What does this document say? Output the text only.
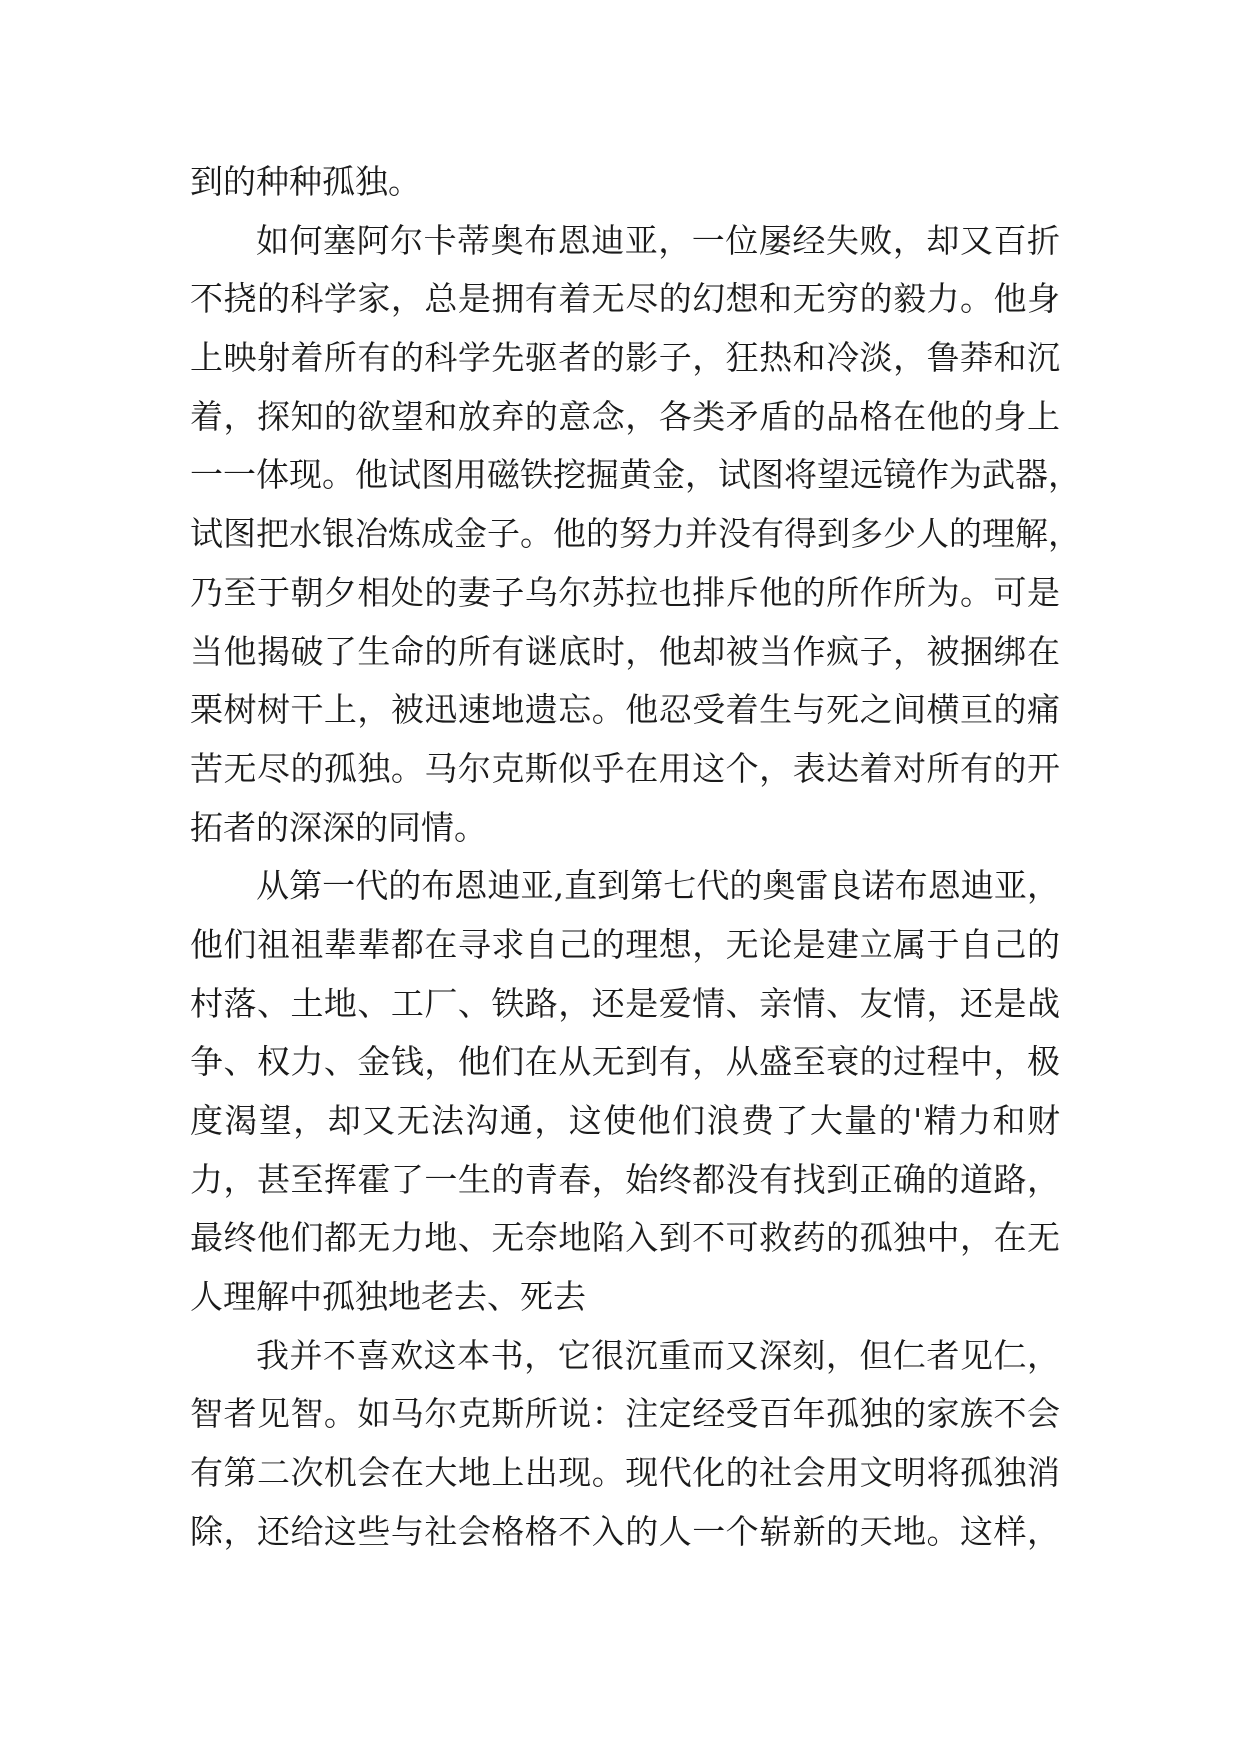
到的种种孤独。
如何塞阿尔卡蒂奥布恩迪亚，一位屡经失败，却又百折
不挠的科学家，总是拥有着无尽的幻想和无穷的毅力。他身
上映射着所有的科学先驱者的影子，狂热和冷淡，鲁莽和沉
着，探知的欲望和放弃的意念，各类矛盾的品格在他的身上
一一体现。他试图用磁铁挖掘黄金，试图将望远镜作为武器，
试图把水银冶炼成金子。他的努力并没有得到多少人的理解，
乃至于朝夕相处的妻子乌尔苏拉也排斥他的所作所为。可是
当他揭破了生命的所有谜底时，他却被当作疯子，被捆绑在
栗树树干上，被迅速地遗忘。他忍受着生与死之间横亘的痛
苦无尽的孤独。马尔克斯似乎在用这个，表达着对所有的开
拓者的深深的同情。
从第一代的布恩迪亚,直到第七代的奥雷良诺布恩迪亚，
他们祖祖辈辈都在寻求自己的理想，无论是建立属于自己的
村落、土地、工厂、铁路，还是爱情、亲情、友情，还是战
争、权力、金钱，他们在从无到有，从盛至衰的过程中，极
度渴望，却又无法沟通，这使他们浪费了大量的'精力和财
力，甚至挥霍了一生的青春，始终都没有找到正确的道路，
最终他们都无力地、无奈地陷入到不可救药的孤独中，在无
人理解中孤独地老去、死去
我并不喜欢这本书，它很沉重而又深刻，但仁者见仁，
智者见智。如马尔克斯所说：注定经受百年孤独的家族不会
有第二次机会在大地上出现。现代化的社会用文明将孤独消
除，还给这些与社会格格不入的人一个崭新的天地。这样，
